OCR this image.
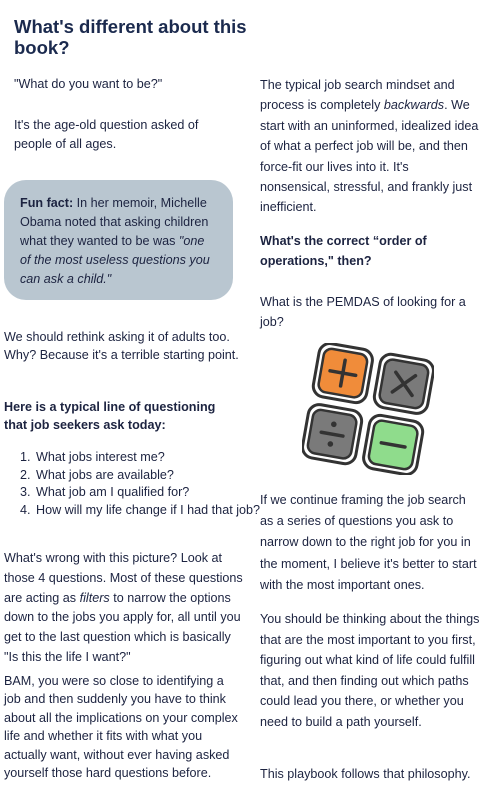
What's different about this book?

"What do you want to be?"

It's the age-old question asked of people of all ages.

Fun fact: In her memoir, Michelle Obama noted that asking children what they wanted to be was "one of the most useless questions you can ask a child."

We should rethink asking it of adults too. Why? Because it's a terrible starting point.

Here is a typical line of questioning that job seekers ask today:

1. What jobs interest me?
2. What jobs are available?
3. What job am I qualified for?
4. How will my life change if I had that job?

What's wrong with this picture? Look at those 4 questions. Most of these questions are acting as filters to narrow the options down to the jobs you apply for, all until you get to the last question which is basically "Is this the life I want?"

BAM, you were so close to identifying a job and then suddenly you have to think about all the implications on your complex life and whether it fits with what you actually want, without ever having asked yourself those hard questions before.

The typical job search mindset and process is completely backwards. We start with an uninformed, idealized idea of what a perfect job will be, and then force-fit our lives into it. It's nonsensical, stressful, and frankly just inefficient.

What's the correct “order of operations," then?

What is the PEMDAS of looking for a job?

If we continue framing the job search as a series of questions you ask to narrow down to the right job for you in the moment, I believe it's better to start with the most important ones.

You should be thinking about the things that are the most important to you first, figuring out what kind of life could fulfill that, and then finding out which paths could lead you there, or whether you need to build a path yourself.

This playbook follows that philosophy.
